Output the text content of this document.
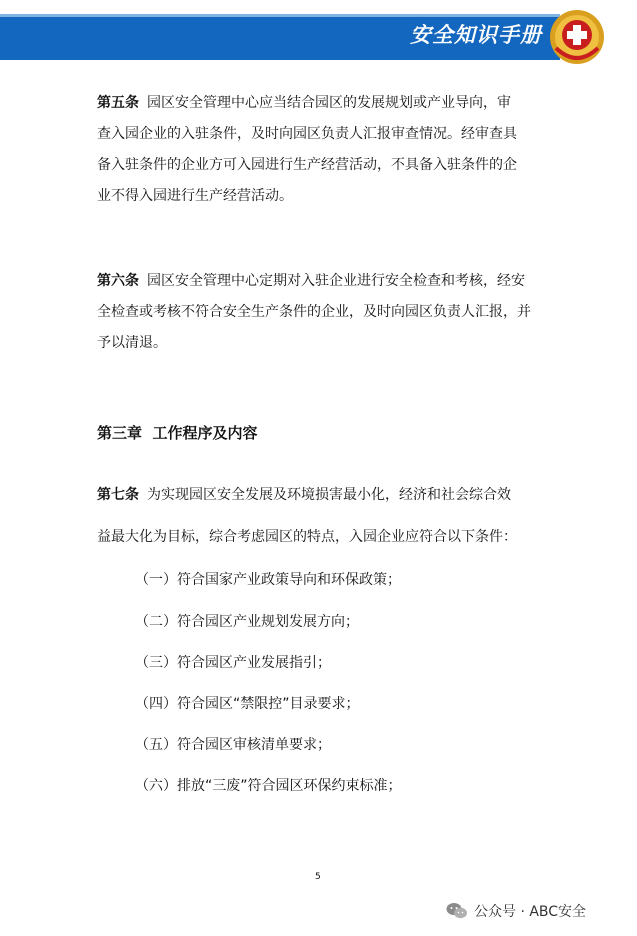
安全知识手册
第五条 园区安全管理中心应当结合园区的发展规划或产业导向，审
查入园企业的入驻条件，及时向园区负责人汇报审查情况。经审查具
备入驻条件的企业方可入园进行生产经营活动，不具备入驻条件的企
业不得入园进行生产经营活动。
第六条 园区安全管理中心定期对入驻企业进行安全检查和考核，经安
全检查或考核不符合安全生产条件的企业，及时向园区负责人汇报，并
予以清退。
第三章 工作程序及内容
第七条 为实现园区安全发展及环境损害最小化，经济和社会综合效
益最大化为目标，综合考虑园区的特点，入园企业应符合以下条件：
（一）符合国家产业政策导向和环保政策；
（二）符合园区产业规划发展方向；
（三）符合园区产业发展指引；
（四）符合园区“禁限控”目录要求；
（五）符合园区审核清单要求；
（六）排放“三废”符合园区环保约束标准；
5
公众号 · ABC安全
